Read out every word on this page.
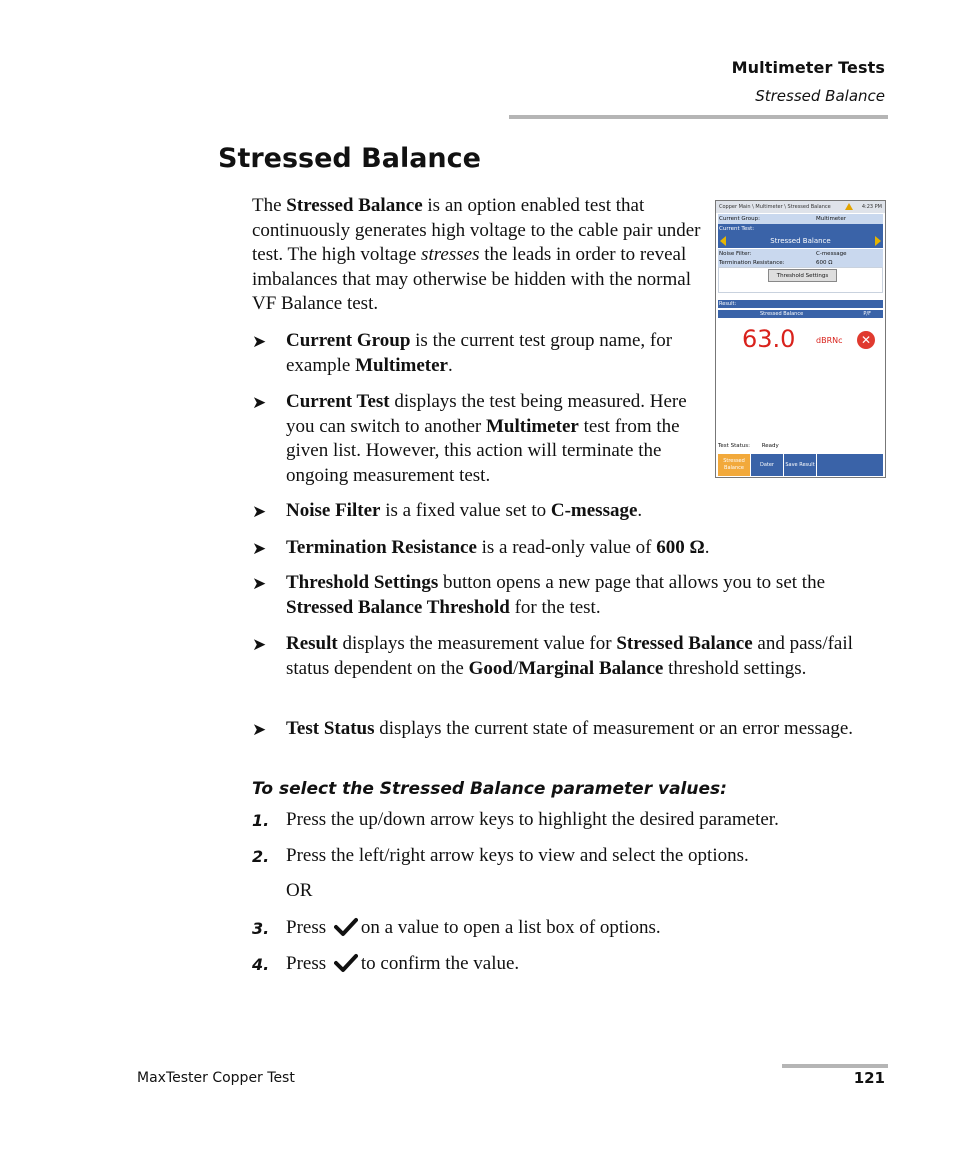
Multimeter Tests
Stressed Balance
Stressed Balance

The Stressed Balance is an option enabled test that continuously generates high voltage to the cable pair under test. The high voltage stresses the leads in order to reveal imbalances that may otherwise be hidden with the normal VF Balance test.

Copper Main \ Multimeter \ Stressed Balance	4:23 PM
Current Group:	Multimeter
Current Test:
Stressed Balance
Noise Filter:	C-message
Termination Resistance:	600 Ω
Threshold Settings
Result:
Stressed Balance	P/F
63.0	dBRNc	✕
Test Status: Ready
Stressed Balance	Dater	Save Result
➤ Current Group is the current test group name, for example Multimeter.
➤ Current Test displays the test being measured. Here you can switch to another Multimeter test from the given list. However, this action will terminate the ongoing measurement test.
➤ Noise Filter is a fixed value set to C-message.
➤ Termination Resistance is a read-only value of 600 Ω.
➤ Threshold Settings button opens a new page that allows you to set the Stressed Balance Threshold for the test.
➤ Result displays the measurement value for Stressed Balance and pass/fail status dependent on the Good/Marginal Balance threshold settings.
➤ Test Status displays the current state of measurement or an error message.
To select the Stressed Balance parameter values:
1. Press the up/down arrow keys to highlight the desired parameter.
2. Press the left/right arrow keys to view and select the options.
OR
3. Press on a value to open a list box of options.
4. Press to confirm the value.
MaxTester Copper Test	121
